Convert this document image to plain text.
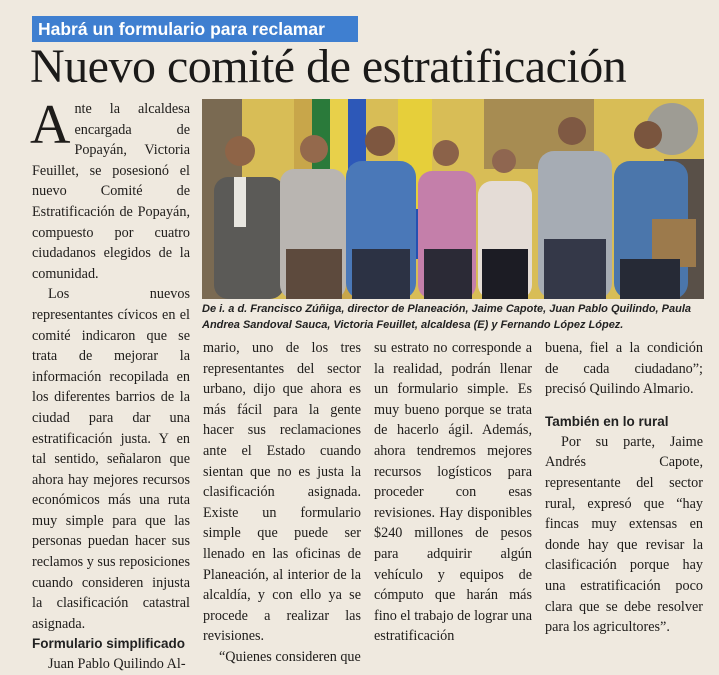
Habrá un formulario para reclamar
Nuevo comité de estratificación

Ante la alcaldesa encargada de Popayán, Victoria Feuillet, se posesionó el nuevo Comité de Estratificación de Popayán, compuesto por cuatro ciudadanos elegidos de la comunidad.

Los nuevos representantes cívicos en el comité indicaron que se trata de mejorar la información recopilada en los diferentes barrios de la ciudad para dar una estratificación justa. Y en tal sentido, señalaron que ahora hay mejores recursos económicos más una ruta muy simple para que las personas puedan hacer sus reclamos y sus reposiciones cuando consideren injusta la clasificación catastral asignada.

Formulario simplificado

Juan Pablo Quilindo Al-

De i. a d. Francisco Zúñiga, director de Planeación, Jaime Capote, Juan Pablo Quilindo, Paula Andrea Sandoval Sauca, Victoria Feuillet, alcaldesa (E) y Fernando López López.

mario, uno de los tres representantes del sector urbano, dijo que ahora es más fácil para la gente hacer sus reclamaciones ante el Estado cuando sientan que no es justa la clasificación asignada. Existe un formulario simple que puede ser llenado en las oficinas de Planeación, al interior de la alcaldía, y con ello ya se procede a realizar las revisiones.

“Quienes consideren que

su estrato no corresponde a la realidad, podrán llenar un formulario simple. Es muy bueno porque se trata de hacerlo ágil. Además, ahora tendremos mejores recursos logísticos para proceder con esas revisiones. Hay disponibles $240 millones de pesos para adquirir algún vehículo y equipos de cómputo que harán más fino el trabajo de lograr una estratificación

buena, fiel a la condición de cada ciudadano”; precisó Quilindo Almario.

También en lo rural

Por su parte, Jaime Andrés Capote, representante del sector rural, expresó que “hay fincas muy extensas en donde hay que revisar la clasificación porque hay una estratificación poco clara que se debe resolver para los agricultores”.
